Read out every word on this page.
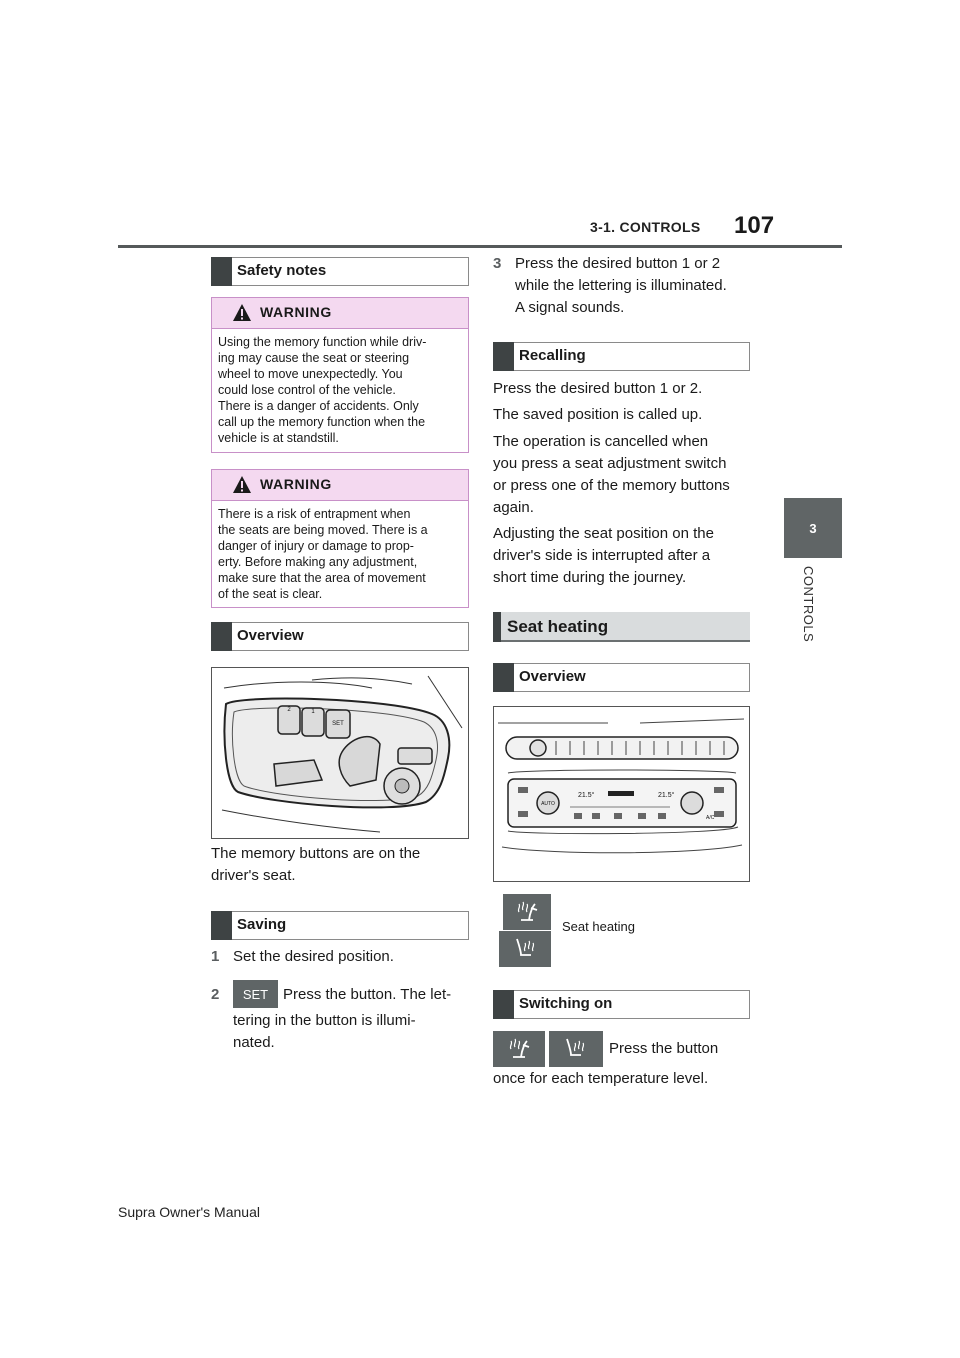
3-1. CONTROLS 107
3
CONTROLS
Safety notes
WARNING
Using the memory function while driv-
ing may cause the seat or steering
wheel to move unexpectedly. You
could lose control of the vehicle.
There is a danger of accidents. Only
call up the memory function when the
vehicle is at standstill.
WARNING
There is a risk of entrapment when
the seats are being moved. There is a
danger of injury or damage to prop-
erty. Before making any adjustment,
make sure that the area of movement
of the seat is clear.
Overview
2	1
SET
The memory buttons are on the
driver's seat.
Saving
1 Set the desired position.
2	SET Press the button. The let-
tering in the button is illumi-
nated.
3 Press the desired button 1 or 2
while the lettering is illuminated.
A signal sounds.
Recalling
Press the desired button 1 or 2.
The saved position is called up.
The operation is cancelled when
you press a seat adjustment switch
or press one of the memory buttons
again.
Adjusting the seat position on the
driver's side is interrupted after a
short time during the journey.
Seat heating
Overview
AUTO
21.5°	21.5°
A/C
Seat heating
Switching on
Press the button
once for each temperature level.
Supra Owner's Manual
